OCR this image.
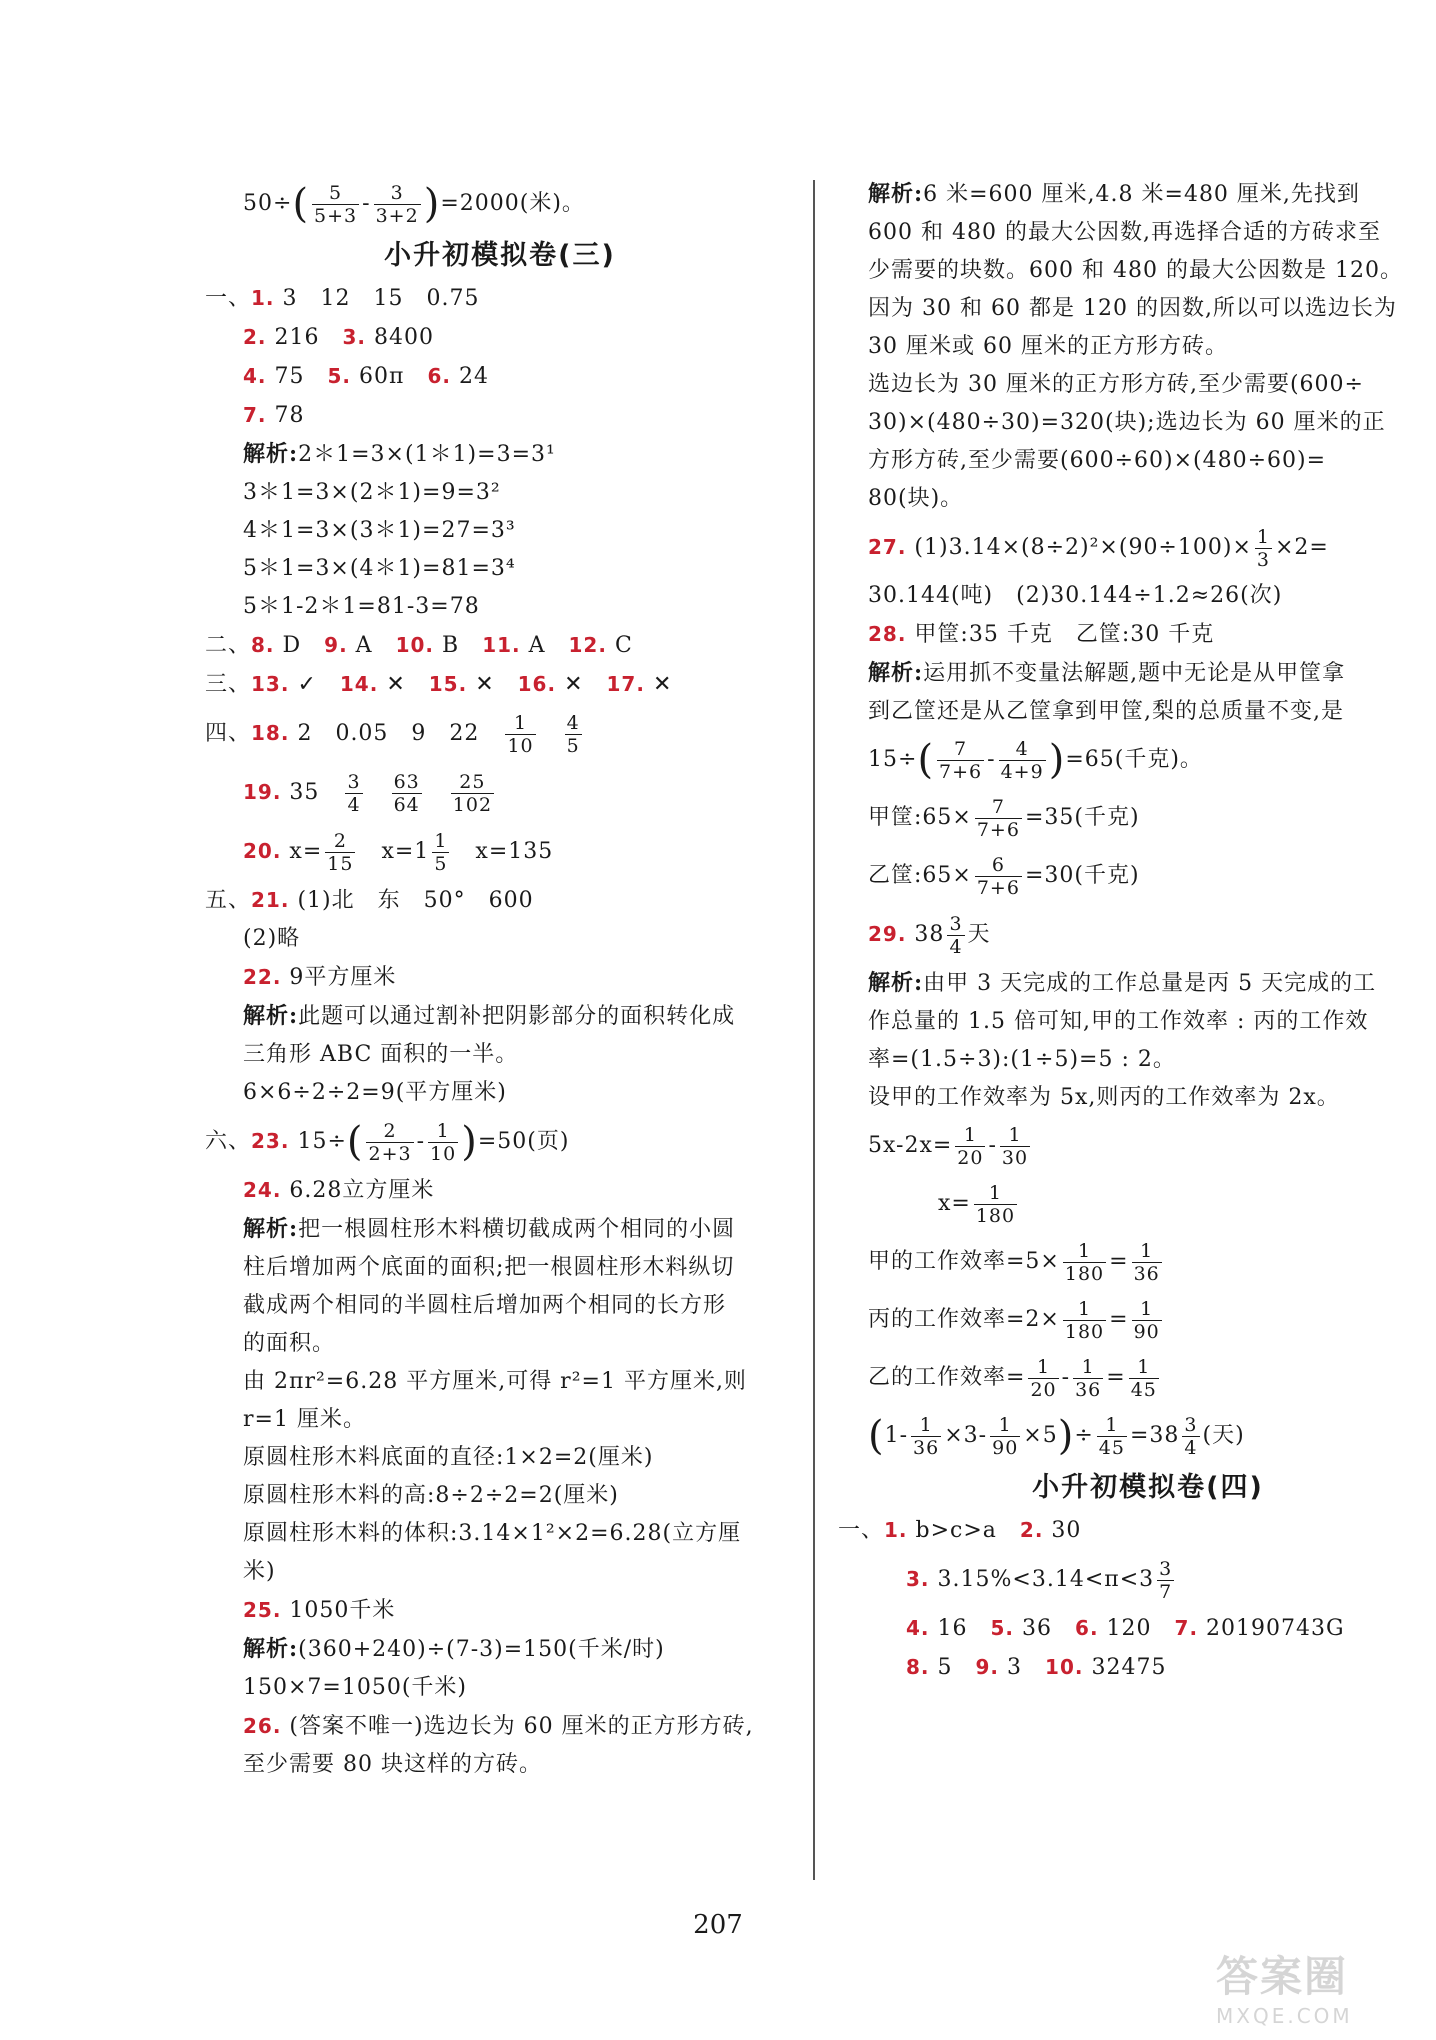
$50\div( \frac{5}{5+3} - \frac{3}{3+2} )=2000$(米)。
小升初模拟卷(三)
一、1. 3　12　15　0.75
2. 216　3. 8400
4. 75　5. 60π　6. 24
7. 78
解析:2＊1=3×(1＊1)=3=3¹
3＊1=3×(2＊1)=9=3²
4＊1=3×(3＊1)=27=3³
5＊1=3×(4＊1)=81=3⁴
5＊1-2＊1=81-3=78
二、8. D　9. A　10. B　11. A　12. C
三、13. ✓　14. ✕　15. ✕　16. ✕　17. ✕
四、18. 2　0.05　9　22　 $\frac{1}{10}$
　 $\frac{4}{5}$
19. 35　 $\frac{3}{4}$
　 $\frac{63}{64}$
　 $\frac{25}{102}$
20. $x= \frac{2}{15}$ 　$x=1 \frac{1}{5}$ 　x=135
五、21. (1)北　东　50°　600
(2)略
22. 9平方厘米
解析:此题可以通过割补把阴影部分的面积转化成
三角形 ABC 面积的一半。
6×6÷2÷2=9(平方厘米)
六、23. $15\div( \frac{2}{2+3} - \frac{1}{10} )=50$(页)
24. 6.28立方厘米
解析:把一根圆柱形木料横切截成两个相同的小圆
柱后增加两个底面的面积;把一根圆柱形木料纵切
截成两个相同的半圆柱后增加两个相同的长方形
的面积。
由 2πr²=6.28 平方厘米,可得 r²=1 平方厘米,则
r=1 厘米。
原圆柱形木料底面的直径:1×2=2(厘米)
原圆柱形木料的高:8÷2÷2=2(厘米)
原圆柱形木料的体积:3.14×1²×2=6.28(立方厘
米)
25. 1050千米
解析:(360+240)÷(7-3)=150(千米/时)
150×7=1050(千米)
26. (答案不唯一)选边长为 60 厘米的正方形方砖,
至少需要 80 块这样的方砖。
解析:6 米=600 厘米,4.8 米=480 厘米,先找到
600 和 480 的最大公因数,再选择合适的方砖求至
少需要的块数。600 和 480 的最大公因数是 120。
因为 30 和 60 都是 120 的因数,所以可以选边长为
30 厘米或 60 厘米的正方形方砖。
选边长为 30 厘米的正方形方砖,至少需要(600÷
30)×(480÷30)=320(块);选边长为 60 厘米的正
方形方砖,至少需要(600÷60)×(480÷60)=
80(块)。
27. $(1)3.14\times(8\div 2)^2\times(90\div 100)\times \frac{1}{3} \times 2=$
30.144(吨)　(2)30.144÷1.2≈26(次)
28. 甲筐:35 千克　乙筐:30 千克
解析:运用抓不变量法解题,题中无论是从甲筐拿
到乙筐还是从乙筐拿到甲筐,梨的总质量不变,是
$15\div( \frac{7}{7+6} - \frac{4}{4+9} )=65$(千克)。
甲筐:65× $\frac{7}{7+6} =35$(千克)
乙筐:65× $\frac{6}{7+6} =30$(千克)
29. $38 \frac{3}{4}$ 天
解析:由甲 3 天完成的工作总量是丙 5 天完成的工
作总量的 1.5 倍可知,甲的工作效率 : 丙的工作效
率=(1.5÷3):(1÷5)=5 : 2。
设甲的工作效率为 5x,则丙的工作效率为 2x。
$5x-2x= \frac{1}{20} - \frac{1}{30}$
$x= \frac{1}{180}$
甲的工作效率$=5\times \frac{1}{180} = \frac{1}{36}$
丙的工作效率$=2\times \frac{1}{180} = \frac{1}{90}$
乙的工作效率= $\frac{1}{20} - \frac{1}{36} = \frac{1}{45}$
$(1- \frac{1}{36} \times 3- \frac{1}{90} \times 5)\div \frac{1}{45} =38 \frac{3}{4}$ (天)
小升初模拟卷(四)
一、1. b>c>a　2. 30
3. $3.15\%<3.14<\pi<3 \frac{3}{7}$
4. 16　5. 36　6. 120　7. 20190743G
8. 5　9. 3　10. 32475
207
答案圈
MXQE.COM
